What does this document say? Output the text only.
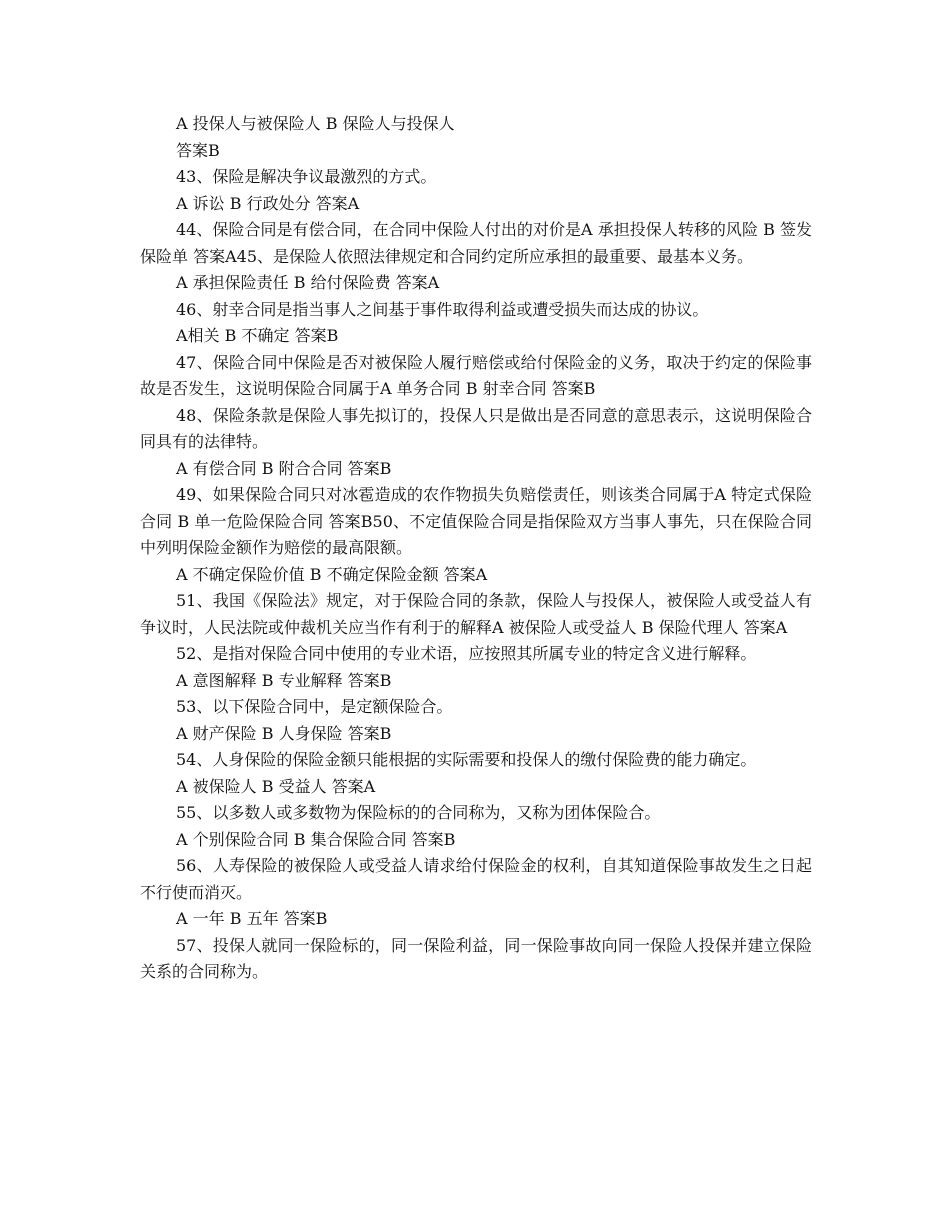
A 投保人与被保险人 B 保险人与投保人

答案B

43、保险是解决争议最激烈的方式。

A 诉讼 B 行政处分 答案A

44、保险合同是有偿合同，在合同中保险人付出的对价是A 承担投保人转移的风险 B 签发保险单 答案A45、是保险人依照法律规定和合同约定所应承担的最重要、最基本义务。

A 承担保险责任 B 给付保险费 答案A

46、射幸合同是指当事人之间基于事件取得利益或遭受损失而达成的协议。

A相关 B 不确定 答案B

47、保险合同中保险是否对被保险人履行赔偿或给付保险金的义务，取决于约定的保险事故是否发生，这说明保险合同属于A 单务合同 B 射幸合同 答案B

48、保险条款是保险人事先拟订的，投保人只是做出是否同意的意思表示，这说明保险合同具有的法律特。

A 有偿合同 B 附合合同 答案B

49、如果保险合同只对冰雹造成的农作物损失负赔偿责任，则该类合同属于A 特定式保险合同 B 单一危险保险合同 答案B50、不定值保险合同是指保险双方当事人事先，只在保险合同中列明保险金额作为赔偿的最高限额。

A 不确定保险价值 B 不确定保险金额 答案A

51、我国《保险法》规定，对于保险合同的条款，保险人与投保人，被保险人或受益人有争议时，人民法院或仲裁机关应当作有利于的解释A 被保险人或受益人 B 保险代理人 答案A

52、是指对保险合同中使用的专业术语，应按照其所属专业的特定含义进行解释。

A 意图解释 B 专业解释 答案B

53、以下保险合同中，是定额保险合。

A 财产保险 B 人身保险 答案B

54、人身保险的保险金额只能根据的实际需要和投保人的缴付保险费的能力确定。

A 被保险人 B 受益人 答案A

55、以多数人或多数物为保险标的的合同称为，又称为团体保险合。

A 个别保险合同 B 集合保险合同 答案B

56、人寿保险的被保险人或受益人请求给付保险金的权利，自其知道保险事故发生之日起不行使而消灭。

A 一年 B 五年 答案B

57、投保人就同一保险标的，同一保险利益，同一保险事故向同一保险人投保并建立保险关系的合同称为。
